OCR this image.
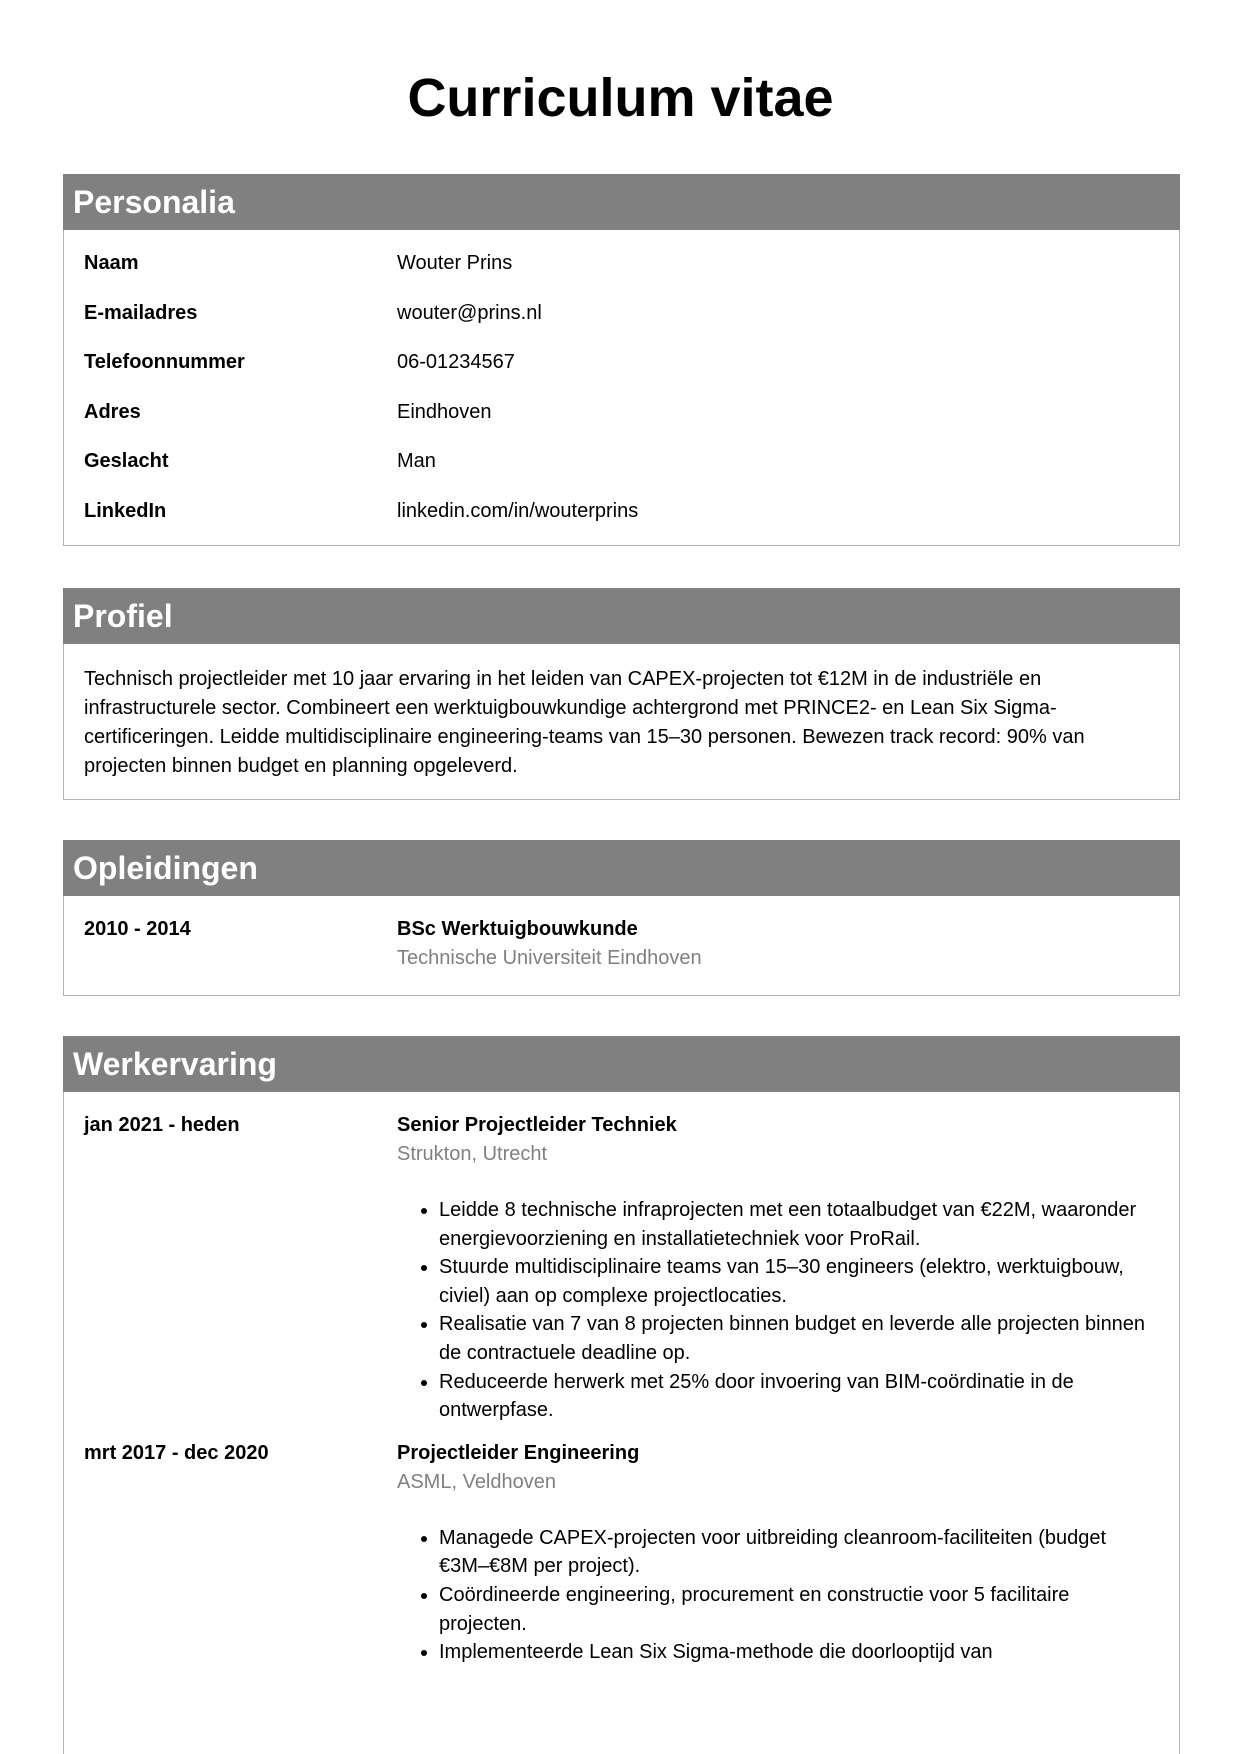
Curriculum vitae
Personalia
Naam	Wouter Prins
E-mailadres	wouter@prins.nl
Telefoonnummer	06-01234567
Adres	Eindhoven
Geslacht	Man
LinkedIn	linkedin.com/in/wouterprins
Profiel
Technisch projectleider met 10 jaar ervaring in het leiden van CAPEX-projecten tot €12M in de industriële en infrastructurele sector. Combineert een werktuigbouwkundige achtergrond met PRINCE2- en Lean Six Sigma-certificeringen. Leidde multidisciplinaire engineering-teams van 15–30 personen. Bewezen track record: 90% van projecten binnen budget en planning opgeleverd.
Opleidingen
2010 - 2014	BSc Werktuigbouwkunde
Technische Universiteit Eindhoven
Werkervaring
jan 2021 - heden	Senior Projectleider Techniek
Strukton, Utrecht
• Leidde 8 technische infraprojecten met een totaalbudget van €22M, waaronder energievoorziening en installatietechniek voor ProRail.
• Stuurde multidisciplinaire teams van 15–30 engineers (elektro, werktuigbouw, civiel) aan op complexe projectlocaties.
• Realisatie van 7 van 8 projecten binnen budget en leverde alle projecten binnen de contractuele deadline op.
• Reduceerde herwerk met 25% door invoering van BIM-coördinatie in de ontwerpfase.
mrt 2017 - dec 2020	Projectleider Engineering
ASML, Veldhoven
• Managede CAPEX-projecten voor uitbreiding cleanroom-faciliteiten (budget €3M–€8M per project).
• Coördineerde engineering, procurement en constructie voor 5 facilitaire projecten.
• Implementeerde Lean Six Sigma-methode die doorlooptijd van
